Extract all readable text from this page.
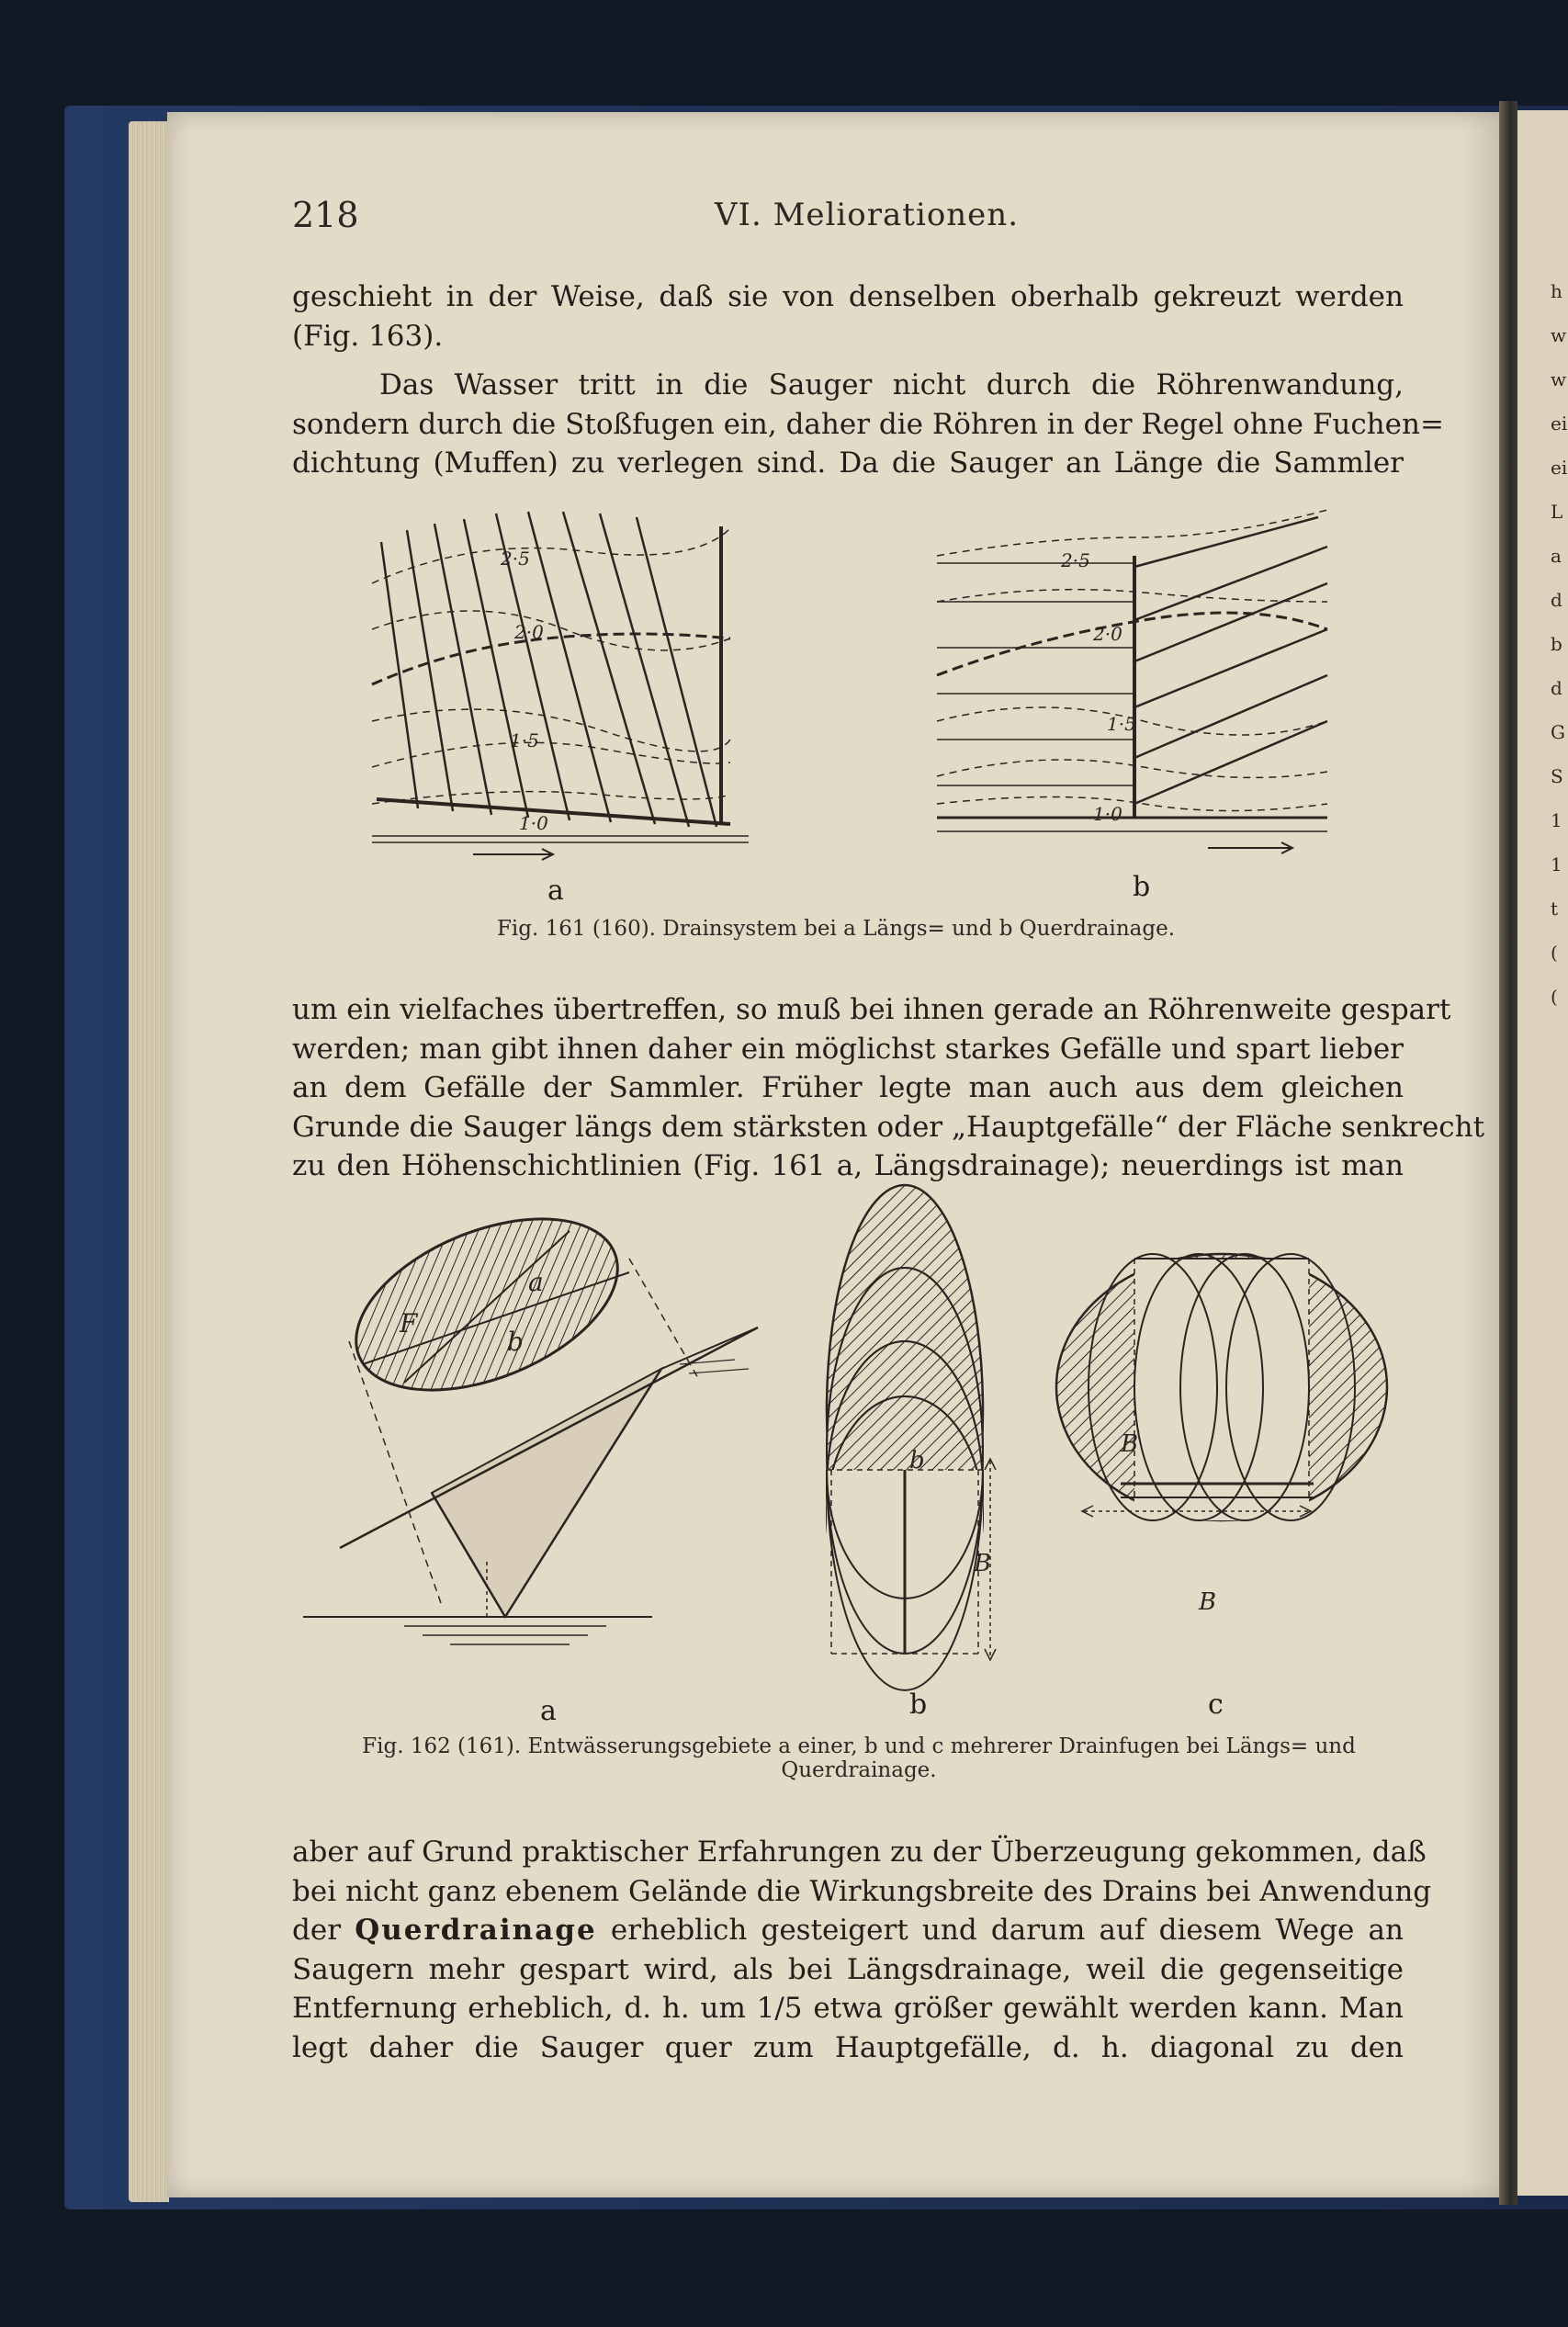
h
w
w
ei
ei
L
a
d
b
d
G
S
1
1
t
(
(
218	VI. Meliorationen.

geschieht in der Weise, daß sie von denselben oberhalb gekreuzt werden
(Fig. 163).

Das Wasser tritt in die Sauger nicht durch die Röhrenwandung,
sondern durch die Stoßfugen ein, daher die Röhren in der Regel ohne Fuchen=
dichtung (Muffen) zu verlegen sind. Da die Sauger an Länge die Sammler

2·5
2·0
1·5
1·0
2·5
2·0
1·5
1·0
a	b
Fig. 161 (160). Drainsystem bei a Längs= und b Querdrainage.

um ein vielfaches übertreffen, so muß bei ihnen gerade an Röhrenweite gespart
werden; man gibt ihnen daher ein möglichst starkes Gefälle und spart lieber
an dem Gefälle der Sammler. Früher legte man auch aus dem gleichen
Grunde die Sauger längs dem stärksten oder „Hauptgefälle“ der Fläche senkrecht
zu den Höhenschichtlinien (Fig. 161 a, Längsdrainage); neuerdings ist man

F
a
b
b
B
B
B
a	b	c
Fig. 162 (161). Entwässerungsgebiete a einer, b und c mehrerer Drainfugen bei Längs= und
Querdrainage.

aber auf Grund praktischer Erfahrungen zu der Überzeugung gekommen, daß
bei nicht ganz ebenem Gelände die Wirkungsbreite des Drains bei Anwendung
der Querdrainage erheblich gesteigert und darum auf diesem Wege an
Saugern mehr gespart wird, als bei Längsdrainage, weil die gegenseitige
Entfernung erheblich, d. h. um 1/5 etwa größer gewählt werden kann. Man
legt daher die Sauger quer zum Hauptgefälle, d. h. diagonal zu den
